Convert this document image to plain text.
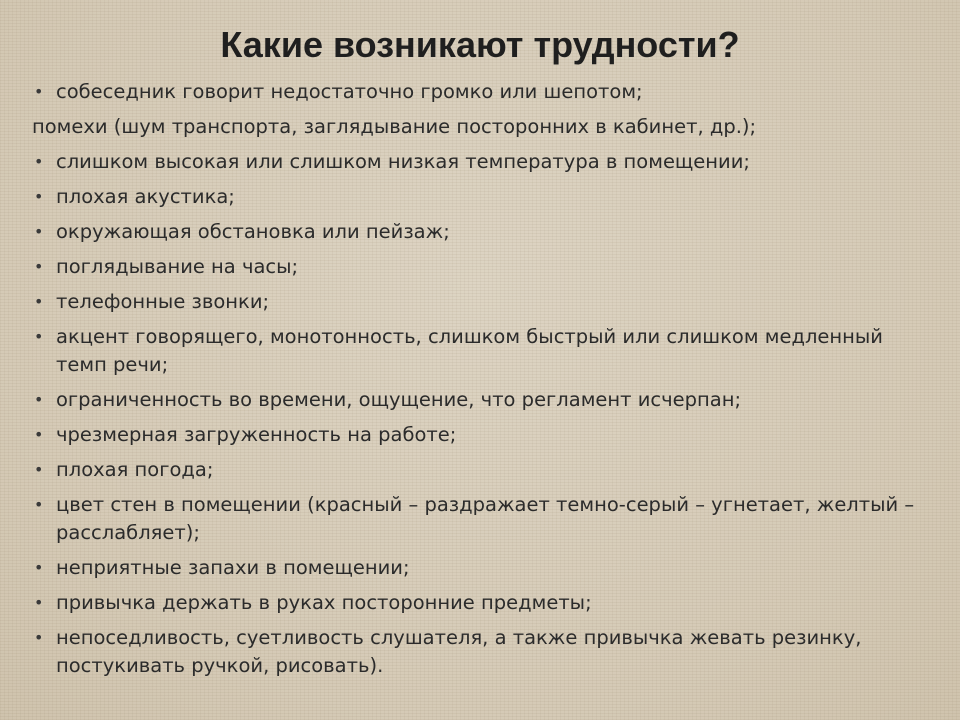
Какие возникают трудности?
• собеседник говорит недостаточно громко или шепотом;
помехи (шум транспорта, заглядывание посторонних в кабинет, др.);
• слишком высокая или слишком низкая температура в помещении;
• плохая акустика;
• окружающая обстановка или пейзаж;
• поглядывание на часы;
• телефонные звонки;
• акцент говорящего, монотонность, слишком быстрый или слишком медленный темп речи;
• ограниченность во времени, ощущение, что регламент исчерпан;
• чрезмерная загруженность на работе;
• плохая погода;
• цвет стен в помещении (красный – раздражает темно-серый – угнетает, желтый – расслабляет);
• неприятные запахи в помещении;
• привычка держать в руках посторонние предметы;
• непоседливость, суетливость слушателя, а также привычка жевать резинку, постукивать ручкой, рисовать).
